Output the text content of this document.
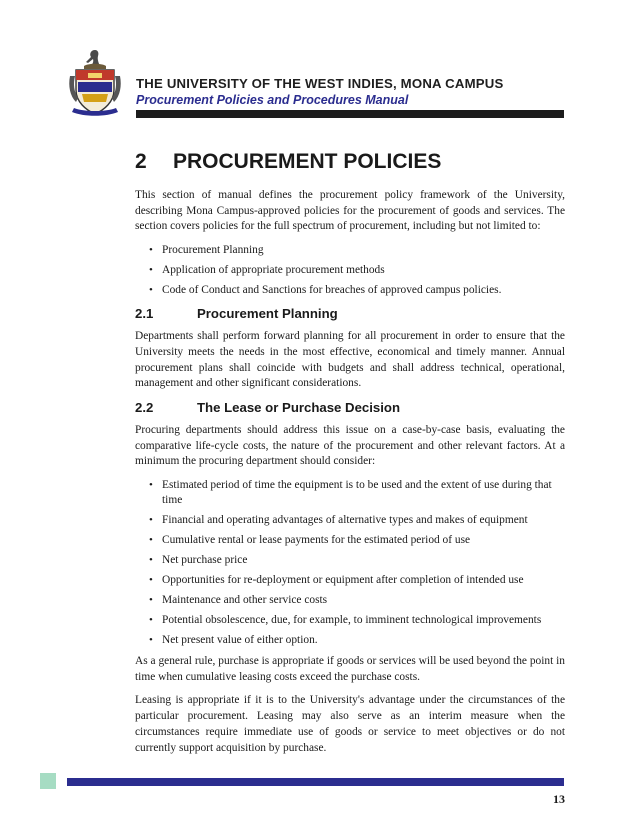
THE UNIVERSITY OF THE WEST INDIES, MONA CAMPUS
Procurement Policies and Procedures Manual
2	PROCUREMENT POLICIES

This section of manual defines the procurement policy framework of the University, describing Mona Campus-approved policies for the procurement of goods and services. The section covers policies for the full spectrum of procurement, including but not limited to:

• Procurement Planning
• Application of appropriate procurement methods
• Code of Conduct and Sanctions for breaches of approved campus policies.
2.1	Procurement Planning

Departments shall perform forward planning for all procurement in order to ensure that the University meets the needs in the most effective, economical and timely manner. Annual procurement plans shall coincide with budgets and shall address technical, operational, management and other significant considerations.

2.2	The Lease or Purchase Decision

Procuring departments should address this issue on a case-by-case basis, evaluating the comparative life-cycle costs, the nature of the procurement and other relevant factors. At a minimum the procuring department should consider:

• Estimated period of time the equipment is to be used and the extent of use during that time
• Financial and operating advantages of alternative types and makes of equipment
• Cumulative rental or lease payments for the estimated period of use
• Net purchase price
• Opportunities for re-deployment or equipment after completion of intended use
• Maintenance and other service costs
• Potential obsolescence, due, for example, to imminent technological improvements
• Net present value of either option.

As a general rule, purchase is appropriate if goods or services will be used beyond the point in time when cumulative leasing costs exceed the purchase costs.

Leasing is appropriate if it is to the University's advantage under the circumstances of the particular procurement. Leasing may also serve as an interim measure when the circumstances require immediate use of goods or service to meet objectives or do not currently support acquisition by purchase.

13
